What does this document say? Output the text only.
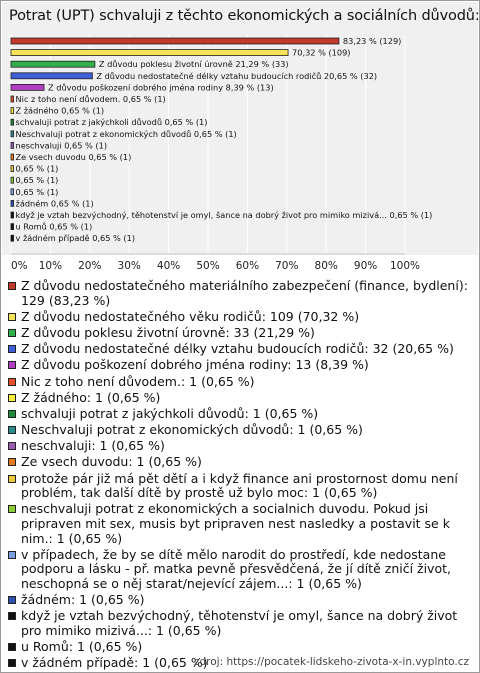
Potrat (UPT) schvaluji z těchto ekonomických a sociálních důvodů:
0% 10% 20% 30% 40% 50% 60% 70% 80% 90% 100%
83,23 % (129)
70,32 % (109)
Z důvodu poklesu životní úrovně 21,29 % (33)
Z důvodu nedostatečné délky vztahu budoucích rodičů 20,65 % (32)
Z důvodu poškození dobrého jména rodiny 8,39 % (13)
Nic z toho není důvodem. 0,65 % (1)
Z žádného 0,65 % (1)
schvaluji potrat z jakýchkoli důvodů 0,65 % (1)
Neschvaluji potrat z ekonomických důvodů 0,65 % (1)
neschvaluji 0,65 % (1)
Ze vsech duvodu 0,65 % (1)
0,65 % (1)
0,65 % (1)
0,65 % (1)
žádném 0,65 % (1)
když je vztah bezvýchodný, těhotenství je omyl, šance na dobrý život pro mimiko mizivá... 0,65 % (1)
u Romů 0,65 % (1)
v žádném případě 0,65 % (1)
Z důvodu nedostatečného materiálního zabezpečení (finance, bydlení): 129 (83,23 %)
Z důvodu nedostatečného věku rodičů: 109 (70,32 %)
Z důvodu poklesu životní úrovně: 33 (21,29 %)
Z důvodu nedostatečné délky vztahu budoucích rodičů: 32 (20,65 %)
Z důvodu poškození dobrého jména rodiny: 13 (8,39 %)
Nic z toho není důvodem.: 1 (0,65 %)
Z žádného: 1 (0,65 %)
schvaluji potrat z jakýchkoli důvodů: 1 (0,65 %)
Neschvaluji potrat z ekonomických důvodů: 1 (0,65 %)
neschvaluji: 1 (0,65 %)
Ze vsech duvodu: 1 (0,65 %)
protože pár již má pět dětí a i když finance ani prostornost domu není problém, tak další dítě by prostě už bylo moc: 1 (0,65 %)
neschvaluji potrat z ekonomických a socialnich duvodu. Pokud jsi pripraven mit sex, musis byt pripraven nest nasledky a postavit se k nim.: 1 (0,65 %)
v případech, že by se dítě mělo narodit do prostředí, kde nedostane podporu a lásku - př. matka pevně přesvědčená, že jí dítě zničí život, neschopná se o něj starat/nejevící zájem...: 1 (0,65 %)
žádném: 1 (0,65 %)
když je vztah bezvýchodný, těhotenství je omyl, šance na dobrý život pro mimiko mizivá...: 1 (0,65 %)
u Romů: 1 (0,65 %)
v žádném případě: 1 (0,65 %)
zdroj: https://pocatek-lidskeho-zivota-x-in.vyplnto.cz
